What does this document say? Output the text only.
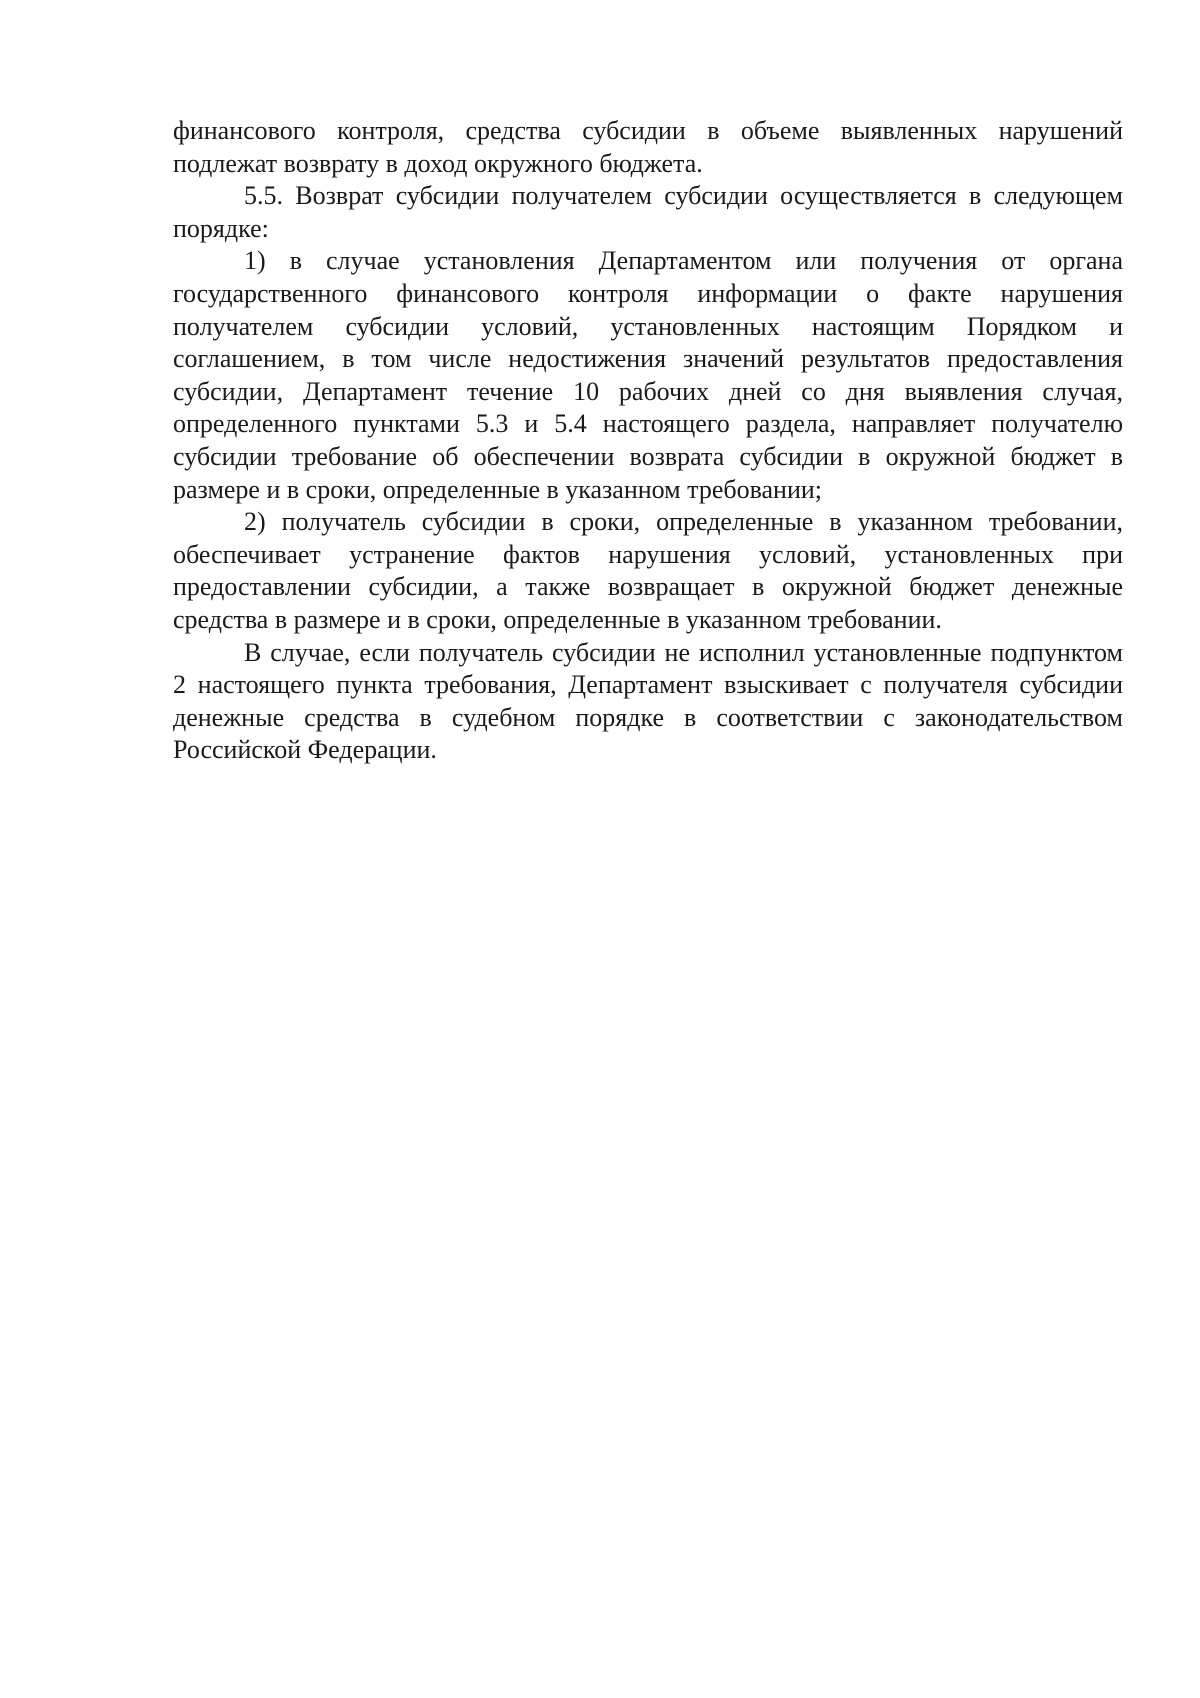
финансового контроля, средства субсидии в объеме выявленных нарушений подлежат возврату в доход окружного бюджета.

5.5. Возврат субсидии получателем субсидии осуществляется в следующем порядке:

1) в случае установления Департаментом или получения от органа государственного финансового контроля информации о факте нарушения получателем субсидии условий, установленных настоящим Порядком и соглашением, в том числе недостижения значений результатов предоставления субсидии, Департамент течение 10 рабочих дней со дня выявления случая, определенного пунктами 5.3 и 5.4 настоящего раздела, направляет получателю субсидии требование об обеспечении возврата субсидии в окружной бюджет в размере и в сроки, определенные в указанном требовании;

2) получатель субсидии в сроки, определенные в указанном требовании, обеспечивает устранение фактов нарушения условий, установленных при предоставлении субсидии, а также возвращает в окружной бюджет денежные средства в размере и в сроки, определенные в указанном требовании.

В случае, если получатель субсидии не исполнил установленные подпунктом 2 настоящего пункта требования, Департамент взыскивает с получателя субсидии денежные средства в судебном порядке в соответствии с законодательством Российской Федерации.
